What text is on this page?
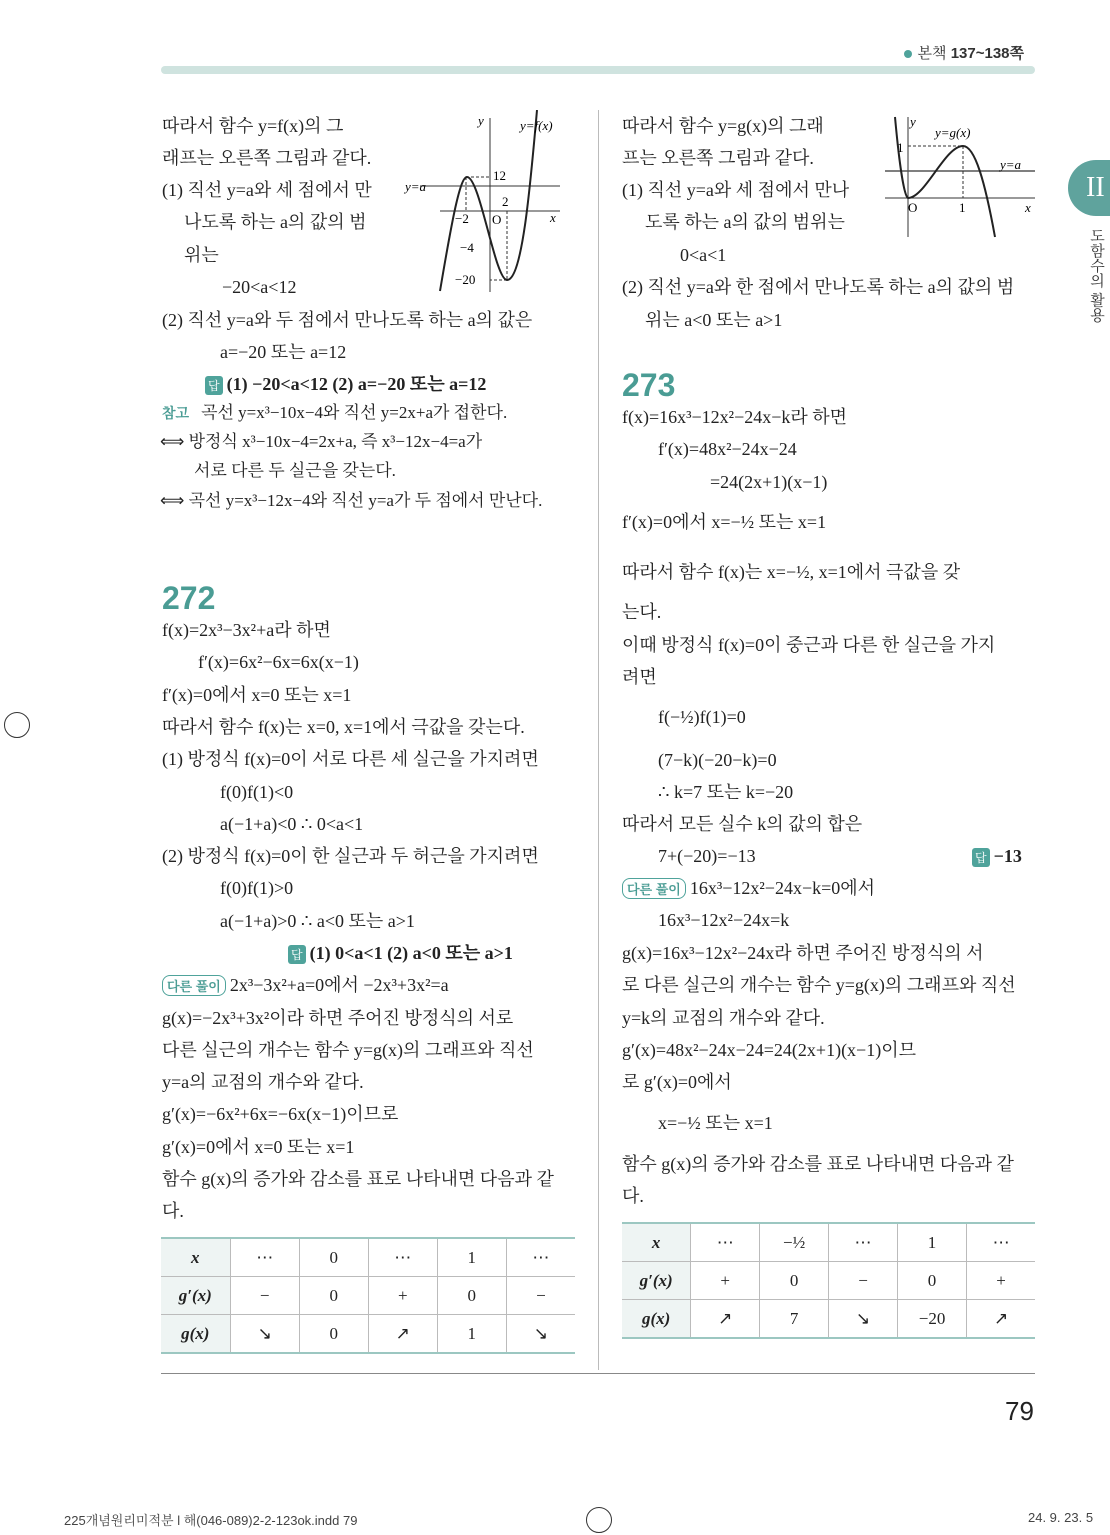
본책 137~138쪽
II
도함수의 활용
따라서 함수 y=f(x)의 그
래프는 오른쪽 그림과 같다.
(1) 직선 y=a와 세 점에서 만
나도록 하는 a의 값의 범
위는
−20<a<12
(2) 직선 y=a와 두 점에서 만나도록 하는 a의 값은
a=−20 또는 a=12
답 (1) −20<a<12 (2) a=−20 또는 a=12
참고 곡선 y=x³−10x−4와 직선 y=2x+a가 접한다.
⟺ 방정식 x³−10x−4=2x+a, 즉 x³−12x−4=a가
서로 다른 두 실근을 갖는다.
⟺ 곡선 y=x³−12x−4와 직선 y=a가 두 점에서 만난다.
y	y=f(x)
y=a
x
12
2
−2 O
−4
−20
272
f(x)=2x³−3x²+a라 하면
f′(x)=6x²−6x=6x(x−1)
f′(x)=0에서 x=0 또는 x=1
따라서 함수 f(x)는 x=0, x=1에서 극값을 갖는다.
(1) 방정식 f(x)=0이 서로 다른 세 실근을 가지려면
f(0)f(1)<0
a(−1+a)<0 ∴ 0<a<1
(2) 방정식 f(x)=0이 한 실근과 두 허근을 가지려면
f(0)f(1)>0
a(−1+a)>0 ∴ a<0 또는 a>1
답 (1) 0<a<1 (2) a<0 또는 a>1
다른 풀이 2x³−3x²+a=0에서 −2x³+3x²=a
g(x)=−2x³+3x²이라 하면 주어진 방정식의 서로
다른 실근의 개수는 함수 y=g(x)의 그래프와 직선
y=a의 교점의 개수와 같다.
g′(x)=−6x²+6x=−6x(x−1)이므로
g′(x)=0에서 x=0 또는 x=1
함수 g(x)의 증가와 감소를 표로 나타내면 다음과 같
다.
x	⋯	0	⋯	1	⋯
g′(x)	−	0	+	0	−
g(x)	↘	0	↗	1	↘
따라서 함수 y=g(x)의 그래
프는 오른쪽 그림과 같다.
(1) 직선 y=a와 세 점에서 만나
도록 하는 a의 값의 범위는
0<a<1
(2) 직선 y=a와 한 점에서 만나도록 하는 a의 값의 범
위는 a<0 또는 a>1
y
y=g(x)
y=a
x
1
1
O
273
f(x)=16x³−12x²−24x−k라 하면
f′(x)=48x²−24x−24
=24(2x+1)(x−1)
f′(x)=0에서 x=−½ 또는 x=1
따라서 함수 f(x)는 x=−½, x=1에서 극값을 갖
는다.
이때 방정식 f(x)=0이 중근과 다른 한 실근을 가지
려면
f(−½)f(1)=0
(7−k)(−20−k)=0
∴ k=7 또는 k=−20
따라서 모든 실수 k의 값의 합은
7+(−20)=−13	답 −13
다른 풀이 16x³−12x²−24x−k=0에서
16x³−12x²−24x=k
g(x)=16x³−12x²−24x라 하면 주어진 방정식의 서
로 다른 실근의 개수는 함수 y=g(x)의 그래프와 직선
y=k의 교점의 개수와 같다.
g′(x)=48x²−24x−24=24(2x+1)(x−1)이므
로 g′(x)=0에서
x=−½ 또는 x=1
함수 g(x)의 증가와 감소를 표로 나타내면 다음과 같
다.
x	⋯	−½	⋯	1	⋯
g′(x)	+	0	−	0	+
g(x)	↗	7	↘	−20	↗
79
225개념원리미적분 l 해(046-089)2-2-123ok.indd 79	24. 9. 23. 5
